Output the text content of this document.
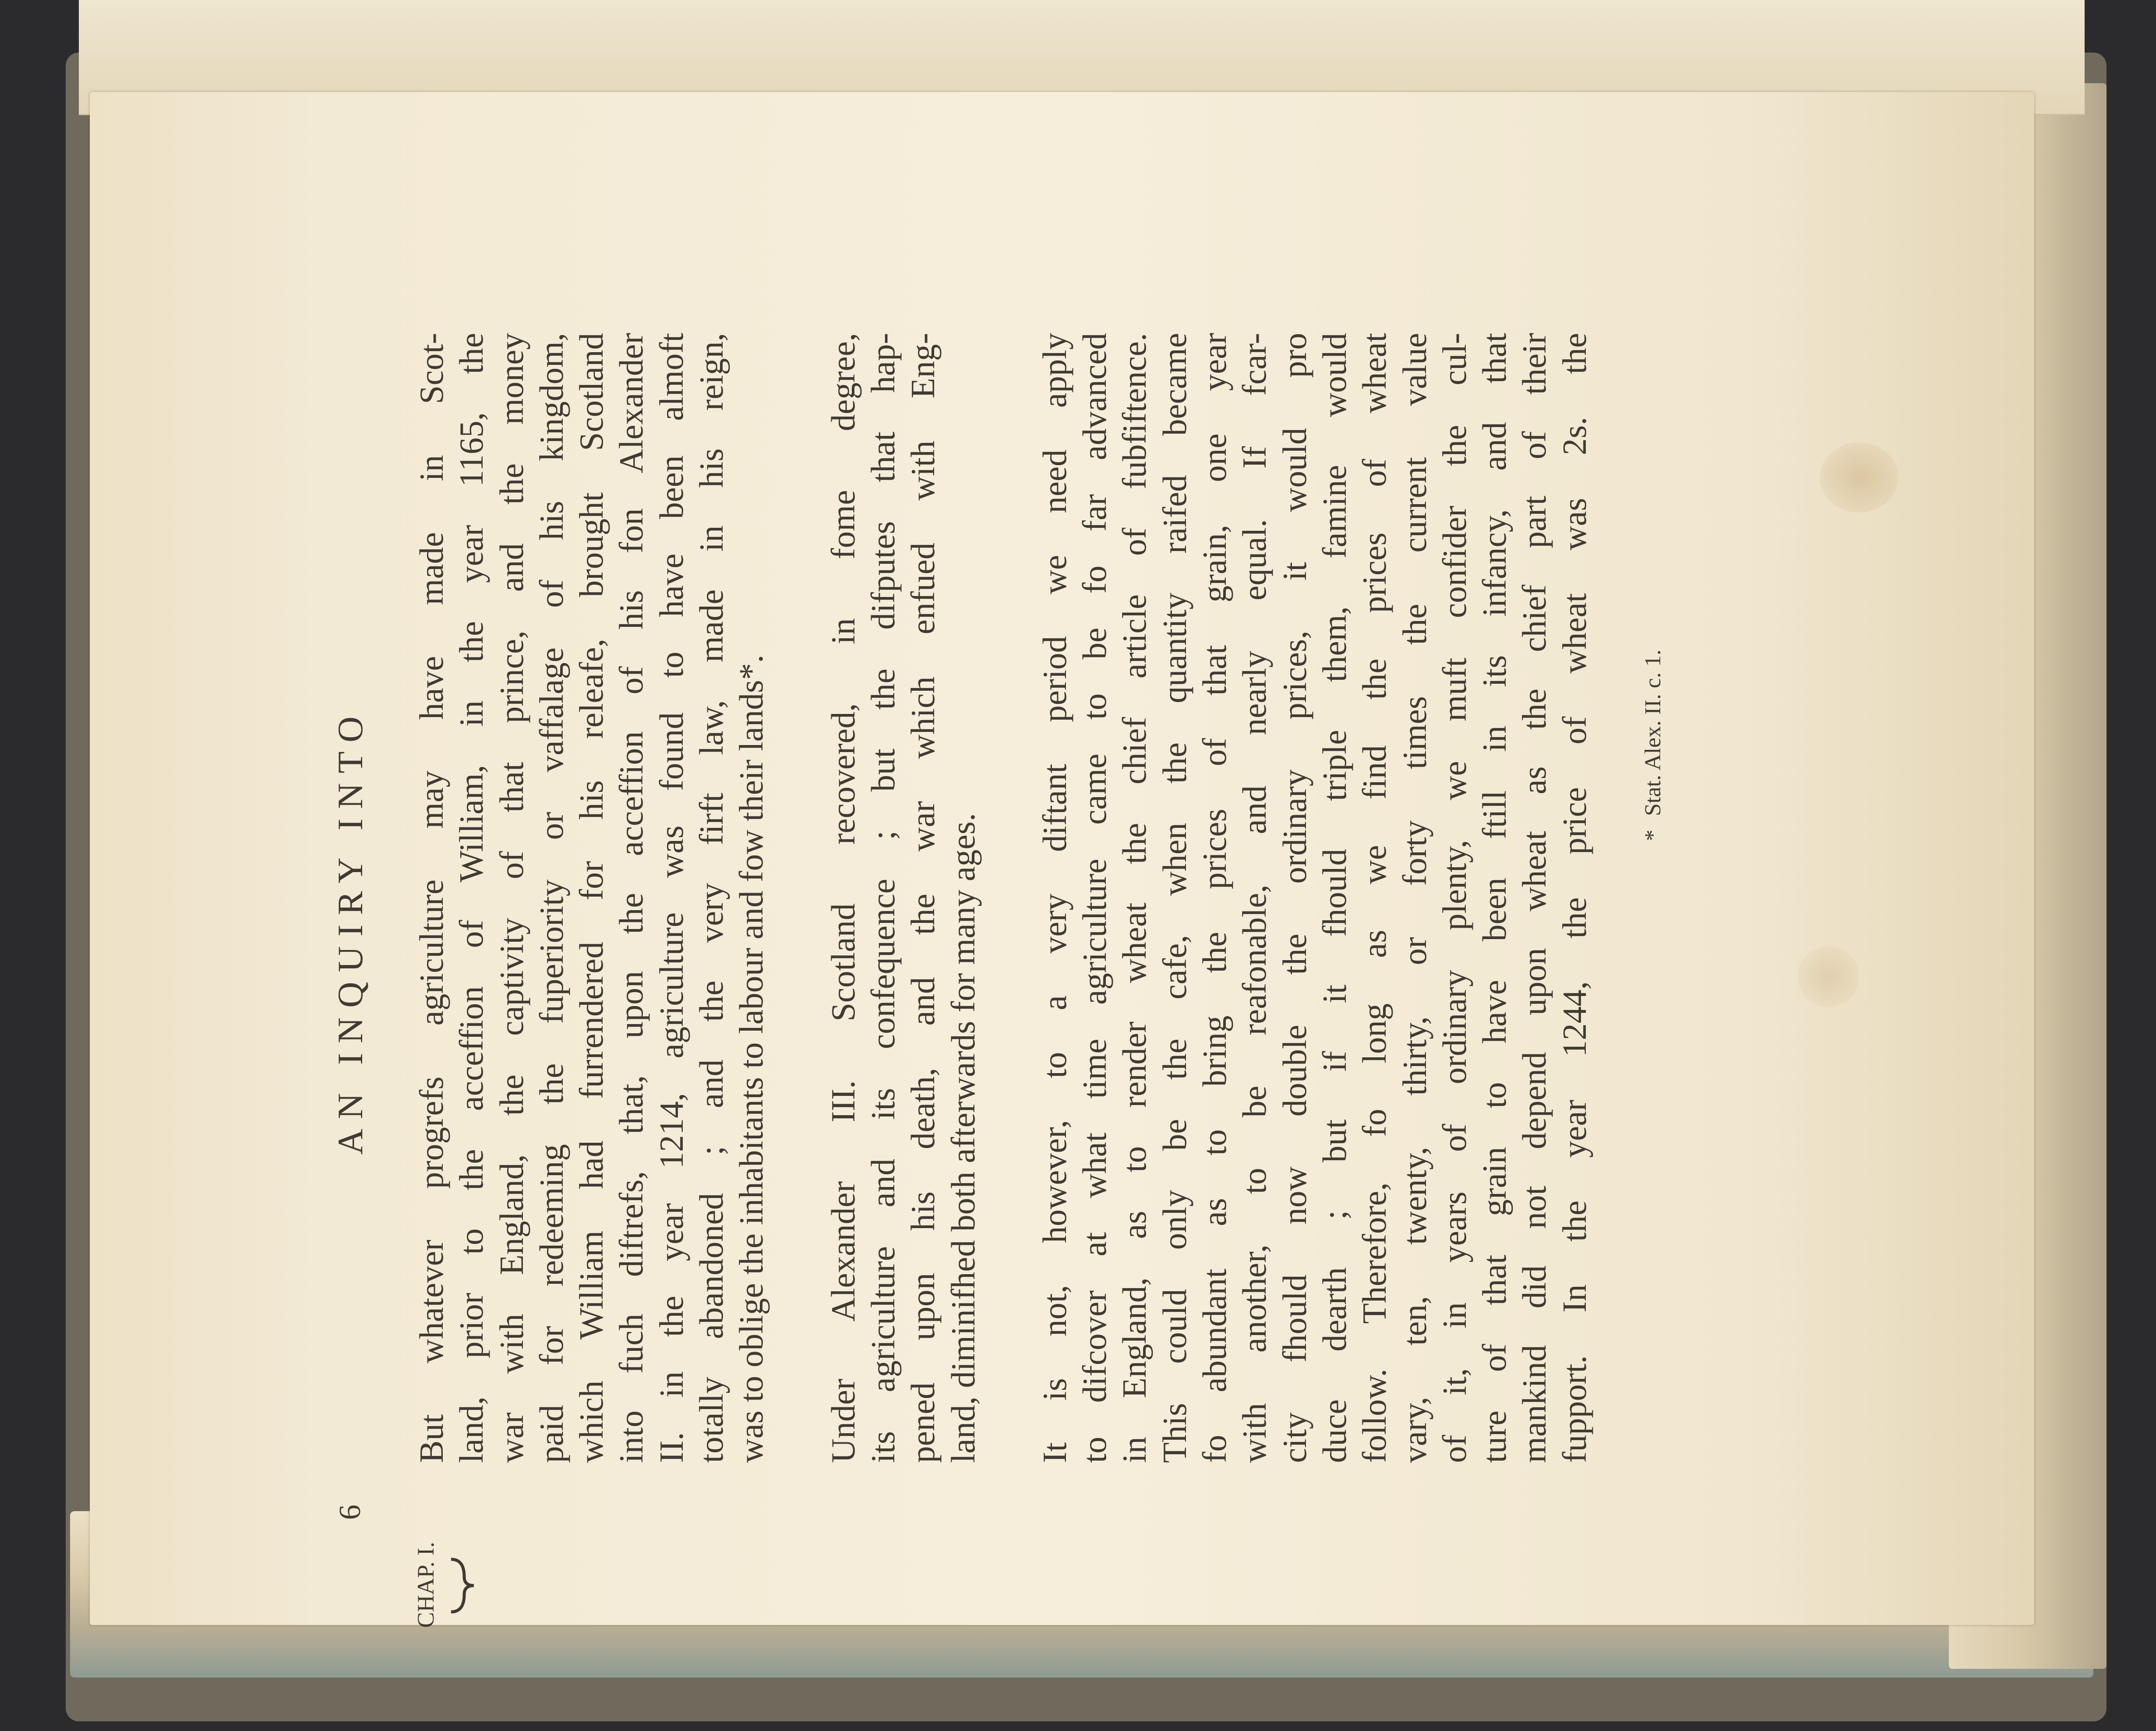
6
AN INQUIRY INTO
CHAP. I.

But whatever progrefs agriculture may have made in Scot- land, prior to the acceffion of William, in the year 1165, the war with England, the captivity of that prince, and the money paid for redeeming the fuperiority or vaffalage of his kingdom, which William had furrendered for his releafe, brought Scotland into fuch diftrefs, that, upon the acceffion of his fon Alexander II. in the year 1214, agriculture was found to have been almoft totally abandoned ; and the very firft law, made in his reign, was to oblige the inhabitants to labour and fow their lands*. Under Alexander III. Scotland recovered, in fome degree, its agriculture and its confequence ; but the difputes that hap- pened upon his death, and the war which enfued with Eng- land, diminifhed both afterwards for many ages. It is not, however, to a very diftant period we need apply to difcover at what time agriculture came to be fo far advanced in England, as to render wheat the chief article of fubfiftence. This could only be the cafe, when the quantity raifed became fo abundant as to bring the prices of that grain, one year with another, to be reafonable, and nearly equal. If fcar- city fhould now double the ordinary prices, it would pro duce dearth ; but if it fhould triple them, famine would follow. Therefore, fo long as we find the prices of wheat vary, ten, twenty, thirty, or forty times the current value of it, in years of ordinary plenty, we muft confider the cul- ture of that grain to have been ftill in its infancy, and that mankind did not depend upon wheat as the chief part of their fupport. In the year 1244, the price of wheat was 2s. the * Stat. Alex. II. c. 1.
